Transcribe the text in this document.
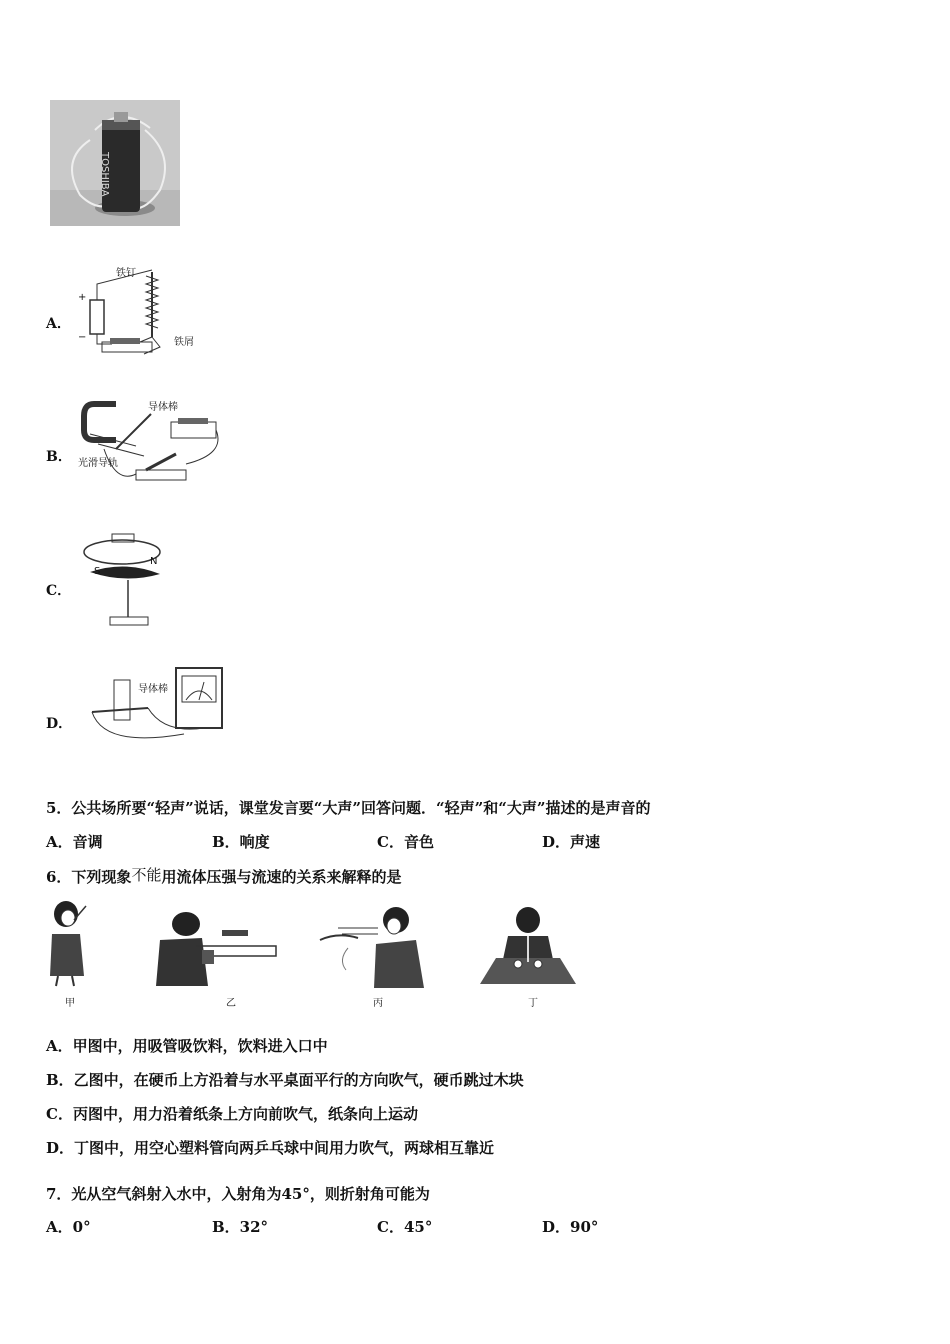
TOSHIBA
A．
铁钉
铁屑
+
−
B．
导体棒
光滑导轨
C．
S
N
D．
导体棒
5．公共场所要“轻声”说话，课堂发言要“大声”回答问题．“轻声”和“大声”描述的是声音的
A．音调	B．响度	C．音色	D．声速
6．下列现象不能用流体压强与流速的关系来解释的是
甲	乙	丙	丁
A．甲图中，用吸管吸饮料，饮料进入口中
B．乙图中，在硬币上方沿着与水平桌面平行的方向吹气，硬币跳过木块
C．丙图中，用力沿着纸条上方向前吹气，纸条向上运动
D．丁图中，用空心塑料管向两乒乓球中间用力吹气，两球相互靠近
7．光从空气斜射入水中，入射角为45°，则折射角可能为
A．0°	B．32°	C．45°	D．90°
